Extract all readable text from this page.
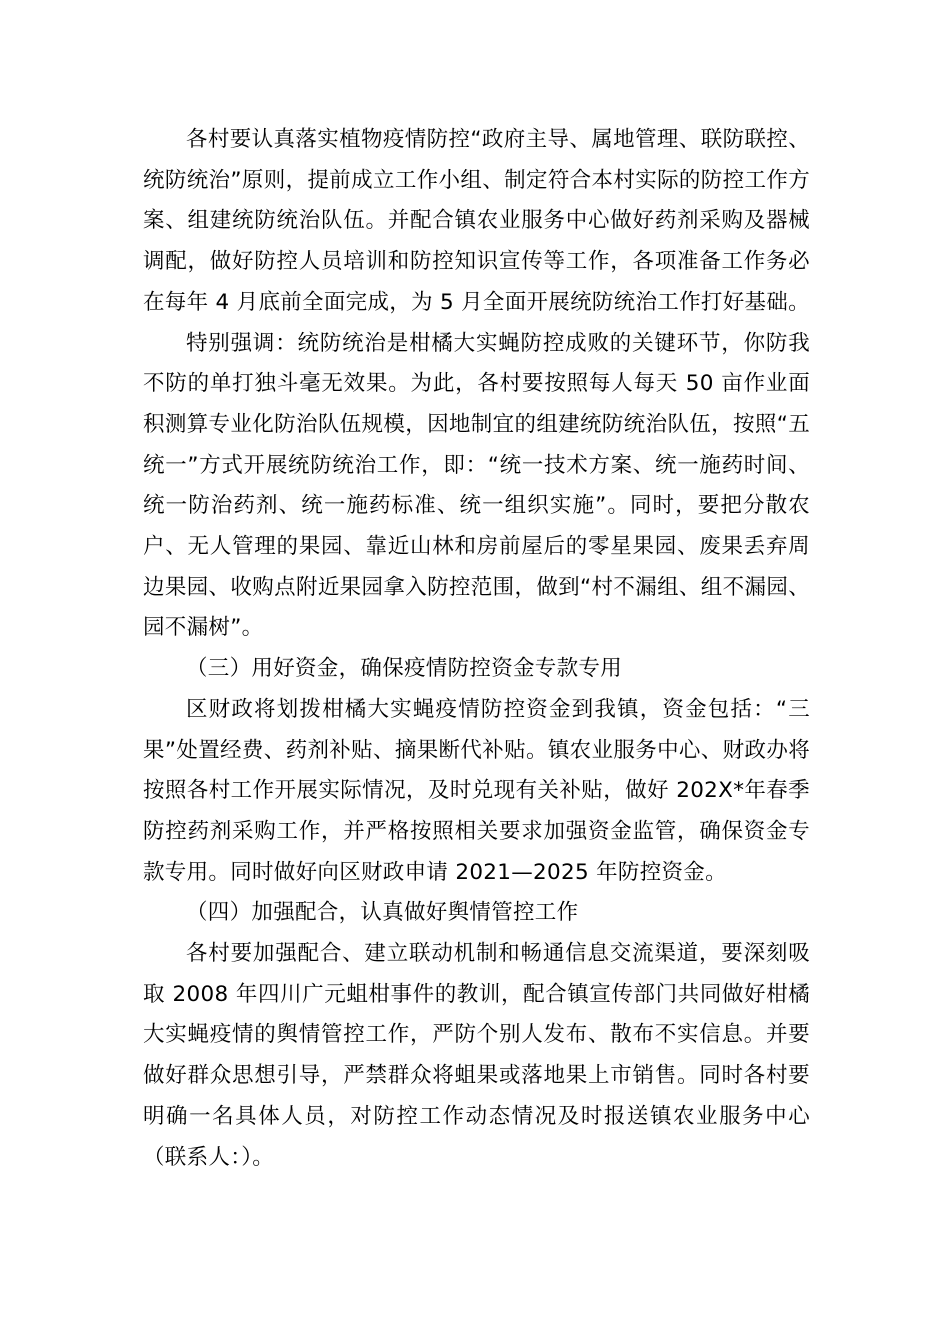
各村要认真落实植物疫情防控“政府主导、属地管理、联防联控、统防统治”原则，提前成立工作小组、制定符合本村实际的防控工作方案、组建统防统治队伍。并配合镇农业服务中心做好药剂采购及器械调配，做好防控人员培训和防控知识宣传等工作，各项准备工作务必在每年 4 月底前全面完成，为 5 月全面开展统防统治工作打好基础。

特别强调：统防统治是柑橘大实蝇防控成败的关键环节，你防我不防的单打独斗毫无效果。为此，各村要按照每人每天 50 亩作业面积测算专业化防治队伍规模，因地制宜的组建统防统治队伍，按照“五统一”方式开展统防统治工作，即：“统一技术方案、统一施药时间、统一防治药剂、统一施药标准、统一组织实施”。同时，要把分散农户、无人管理的果园、靠近山林和房前屋后的零星果园、废果丢弃周边果园、收购点附近果园拿入防控范围，做到“村不漏组、组不漏园、园不漏树”。

（三）用好资金，确保疫情防控资金专款专用

区财政将划拨柑橘大实蝇疫情防控资金到我镇，资金包括：“三果”处置经费、药剂补贴、摘果断代补贴。镇农业服务中心、财政办将按照各村工作开展实际情况，及时兑现有关补贴，做好 202X*年春季防控药剂采购工作，并严格按照相关要求加强资金监管，确保资金专款专用。同时做好向区财政申请 2021—2025 年防控资金。

（四）加强配合，认真做好舆情管控工作

各村要加强配合、建立联动机制和畅通信息交流渠道，要深刻吸取 2008 年四川广元蛆柑事件的教训，配合镇宣传部门共同做好柑橘大实蝇疫情的舆情管控工作，严防个别人发布、散布不实信息。并要做好群众思想引导，严禁群众将蛆果或落地果上市销售。同时各村要明确一名具体人员，对防控工作动态情况及时报送镇农业服务中心（联系人：）。
